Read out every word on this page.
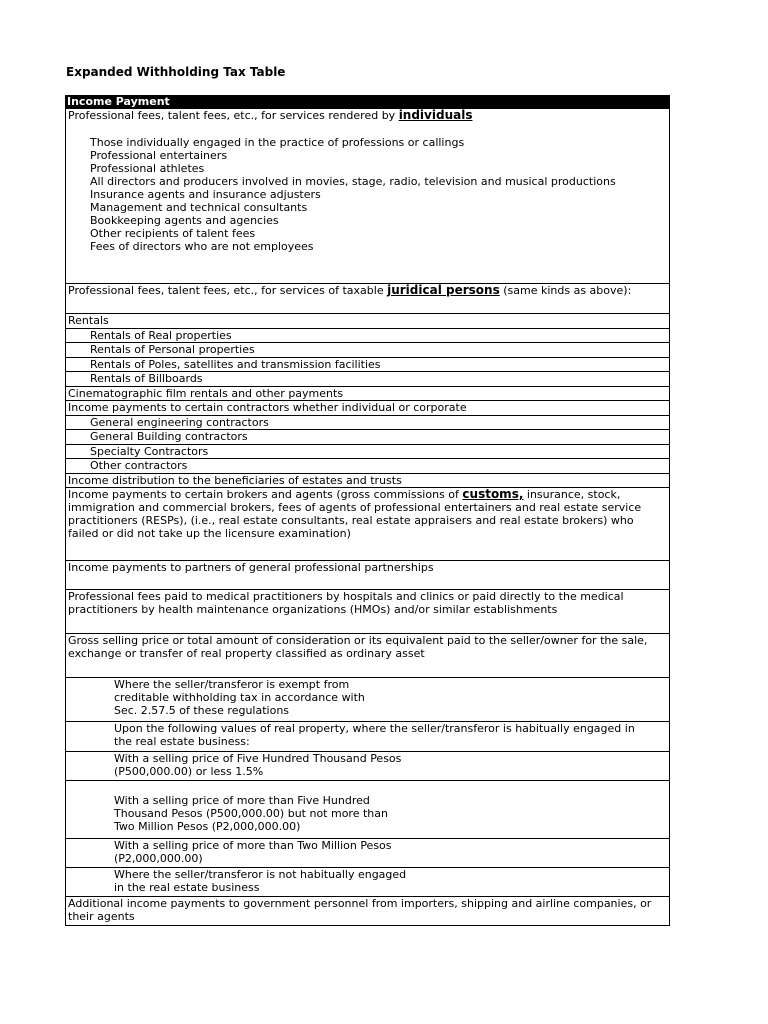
Expanded Withholding Tax Table
Income Payment

Professional fees, talent fees, etc., for services rendered by individuals

Those individually engaged in the practice of professions or callings

Professional entertainers

Professional athletes

All directors and producers involved in movies, stage, radio, television and musical productions

Insurance agents and insurance adjusters

Management and technical consultants

Bookkeeping agents and agencies

Other recipients of talent fees

Fees of directors who are not employees

Professional fees, talent fees, etc., for services of taxable juridical persons (same kinds as above):

Rentals

Rentals of Real properties

Rentals of Personal properties

Rentals of Poles, satellites and transmission facilities

Rentals of Billboards

Cinematographic film rentals and other payments

Income payments to certain contractors whether individual or corporate

General engineering contractors

General Building contractors

Specialty Contractors

Other contractors

Income distribution to the beneficiaries of estates and trusts

Income payments to certain brokers and agents (gross commissions of customs, insurance, stock, immigration and commercial brokers, fees of agents of professional entertainers and real estate service practitioners (RESPs), (i.e., real estate consultants, real estate appraisers and real estate brokers) who failed or did not take up the licensure examination)

Income payments to partners of general professional partnerships

Professional fees paid to medical practitioners by hospitals and clinics or paid directly to the medical practitioners by health maintenance organizations (HMOs) and/or similar establishments

Gross selling price or total amount of consideration or its equivalent paid to the seller/owner for the sale, exchange or transfer of real property classified as ordinary asset

Where the seller/transferor is exempt from

creditable withholding tax in accordance with

Sec. 2.57.5 of these regulations

Upon the following values of real property, where the seller/transferor is habitually engaged in

the real estate business:

With a selling price of Five Hundred Thousand Pesos

(P500,000.00) or less 1.5%

With a selling price of more than Five Hundred

Thousand Pesos (P500,000.00) but not more than

Two Million Pesos (P2,000,000.00)

With a selling price of more than Two Million Pesos

(P2,000,000.00)

Where the seller/transferor is not habitually engaged

in the real estate business

Additional income payments to government personnel from importers, shipping and airline companies, or their agents
